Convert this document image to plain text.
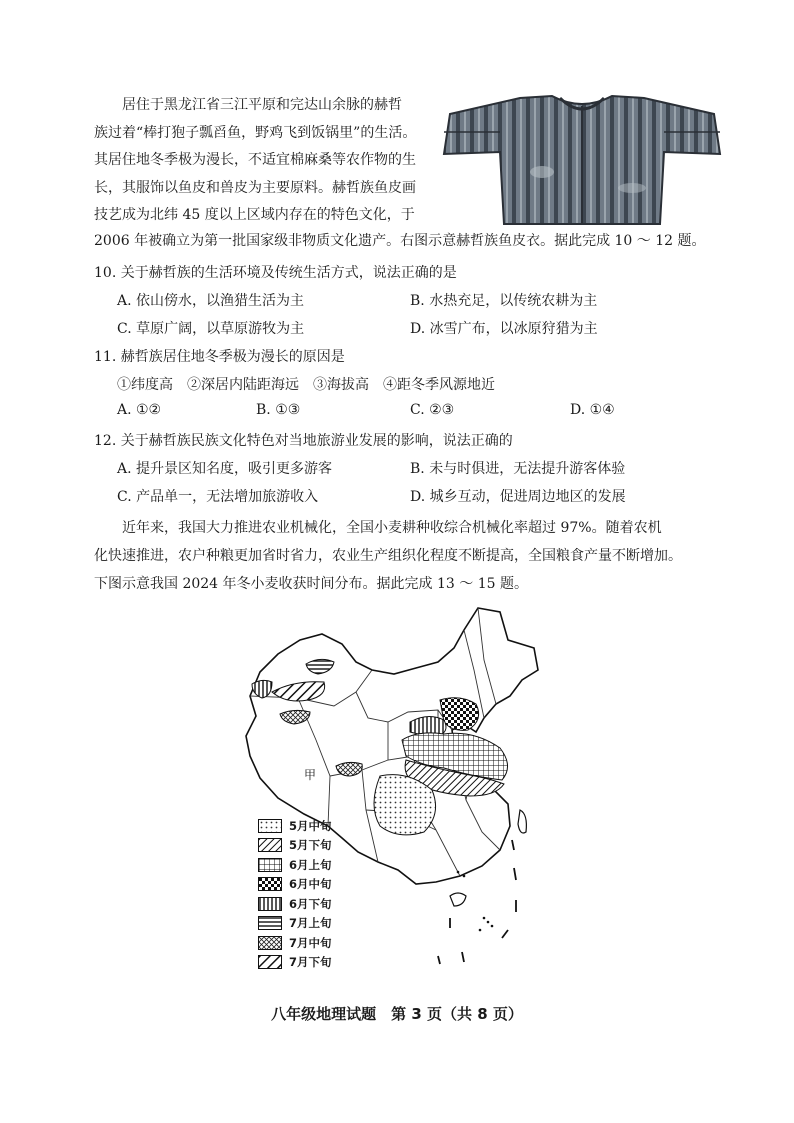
居住于黑龙江省三江平原和完达山余脉的赫哲

族过着“棒打狍子瓢舀鱼，野鸡飞到饭锅里”的生活。

其居住地冬季极为漫长，不适宜棉麻桑等农作物的生

长，其服饰以鱼皮和兽皮为主要原料。赫哲族鱼皮画

技艺成为北纬 45 度以上区域内存在的特色文化，于

2006 年被确立为第一批国家级非物质文化遗产。右图示意赫哲族鱼皮衣。据此完成 10 ～ 12 题。
10. 关于赫哲族的生活环境及传统生活方式，说法正确的是
A. 依山傍水，以渔猎生活为主	B. 水热充足，以传统农耕为主
C. 草原广阔，以草原游牧为主	D. 冰雪广布，以冰原狩猎为主
11. 赫哲族居住地冬季极为漫长的原因是
①纬度高　②深居内陆距海远　③海拔高　④距冬季风源地近
A. ①②	B. ①③	C. ②③	D. ①④
12. 关于赫哲族民族文化特色对当地旅游业发展的影响，说法正确的
A. 提升景区知名度，吸引更多游客	B. 未与时俱进，无法提升游客体验
C. 产品单一，无法增加旅游收入	D. 城乡互动，促进周边地区的发展

近年来，我国大力推进农业机械化，全国小麦耕种收综合机械化率超过 97%。随着农机

化快速推进，农户种粮更加省时省力，农业生产组织化程度不断提高，全国粮食产量不断增加。

下图示意我国 2024 年冬小麦收获时间分布。据此完成 13 ～ 15 题。

甲
5月中旬
5月下旬
6月上旬
6月中旬
6月下旬
7月上旬
7月中旬
7月下旬
八年级地理试题　第 3 页（共 8 页）
